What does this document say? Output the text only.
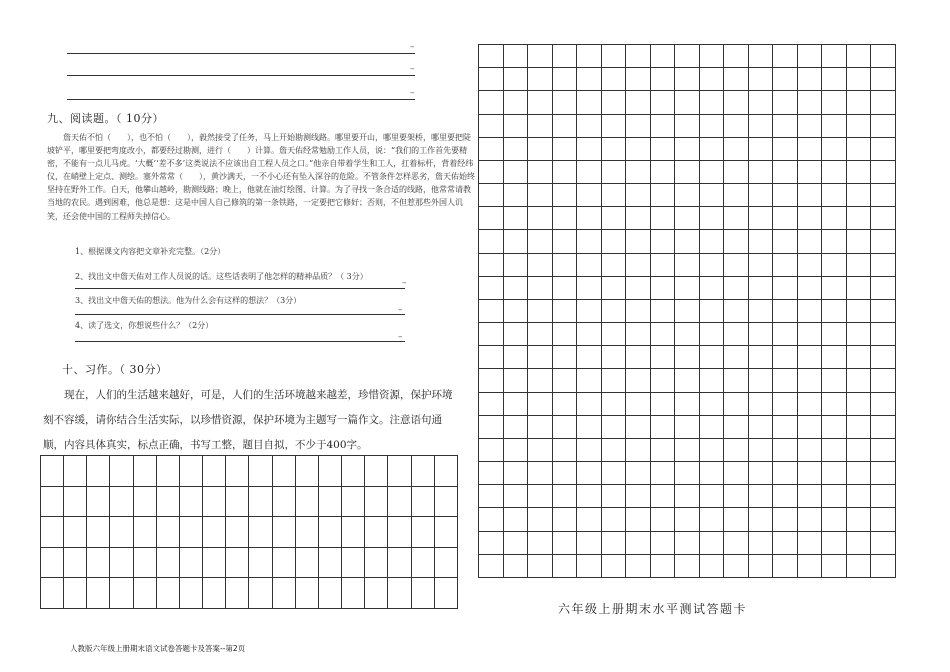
–
–
–
九、阅读题。（ 10分）

詹天佑不怕（　　），也不怕（　　），毅然接受了任务，马上开始勘测线路。哪里要开山，哪里要架桥，哪里要把陡坡铲平，哪里要把弯度改小，都要经过勘测，进行（　　）计算。詹天佑经常勉励工作人员，说：“我们的工作首先要精密，不能有一点儿马虎。‘大概’‘差不多’这类说法不应该出自工程人员之口。”他亲自带着学生和工人，扛着标杆，背着经纬仪，在峭壁上定点、测绘。塞外常常（　　），黄沙满天，一不小心还有坠入深谷的危险。不管条件怎样恶劣，詹天佑始终坚持在野外工作。白天，他攀山越岭，勘测线路；晚上，他就在油灯绘图、计算。为了寻找一条合适的线路，他常常请教当地的农民。遇到困难，他总是想：这是中国人自己修筑的第一条铁路，一定要把它修好；否则，不但惹那些外国人讥笑，还会使中国的工程师失掉信心。

1、根据课文内容把文章补充完整。（2分）
2、找出文中詹天佑对工作人员说的话。这些话表明了他怎样的精神品质？（ 3分）
–
3、找出文中詹天佑的想法。他为什么会有这样的想法？（3分）
–
4、读了选文，你想说些什么？（2分）
–
十、习作。（ 30分）

现在，人们的生活越来越好，可是，人们的生活环境越来越差，珍惜资源，保护环境刻不容缓，请你结合生活实际，以珍惜资源，保护环境为主题写一篇作文。注意语句通顺，内容具体真实，标点正确，书写工整，题目自拟，不少于400字。

六年级上册期末水平测试答题卡
人教版六年级上册期末语文试卷答题卡及答案--第2页
